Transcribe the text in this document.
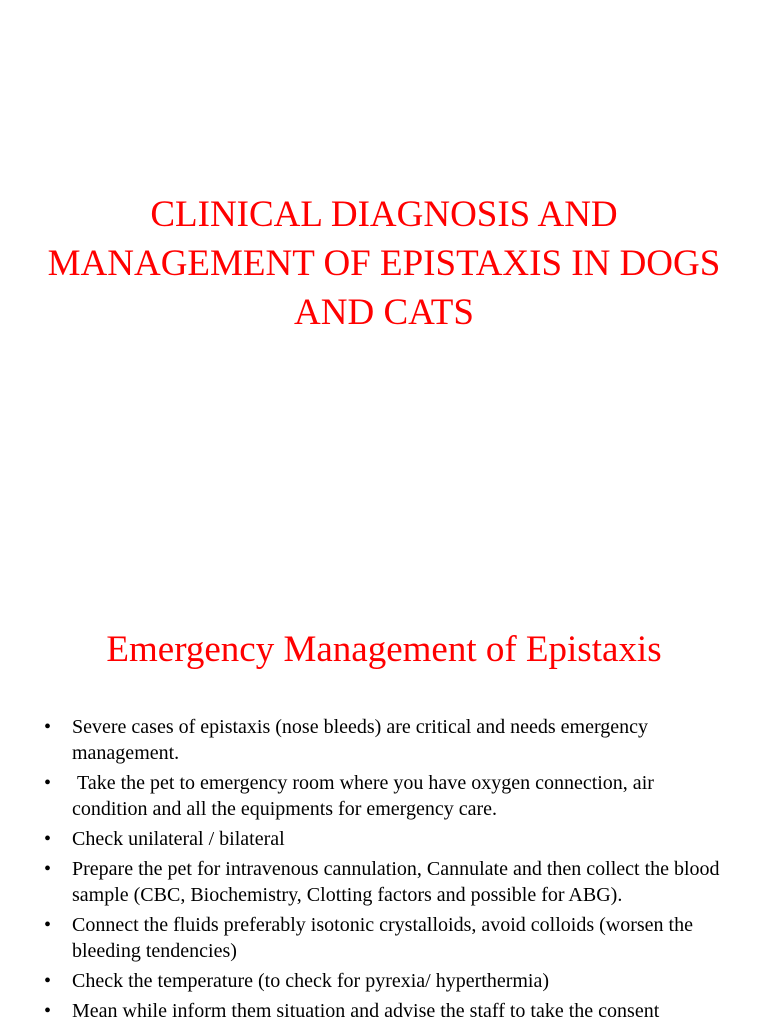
CLINICAL DIAGNOSIS AND MANAGEMENT OF EPISTAXIS IN DOGS AND CATS
Emergency Management of Epistaxis
• Severe cases of epistaxis (nose bleeds) are critical and needs emergency management.
• Take the pet to emergency room where you have oxygen connection, air condition and all the equipments for emergency care.
• Check unilateral / bilateral
• Prepare the pet for intravenous cannulation, Cannulate and then collect the blood sample (CBC, Biochemistry, Clotting factors and possible for ABG).
• Connect the fluids preferably isotonic crystalloids, avoid colloids (worsen the bleeding tendencies)
• Check the temperature (to check for pyrexia/ hyperthermia)
• Mean while inform them situation and advise the staff to take the consent
